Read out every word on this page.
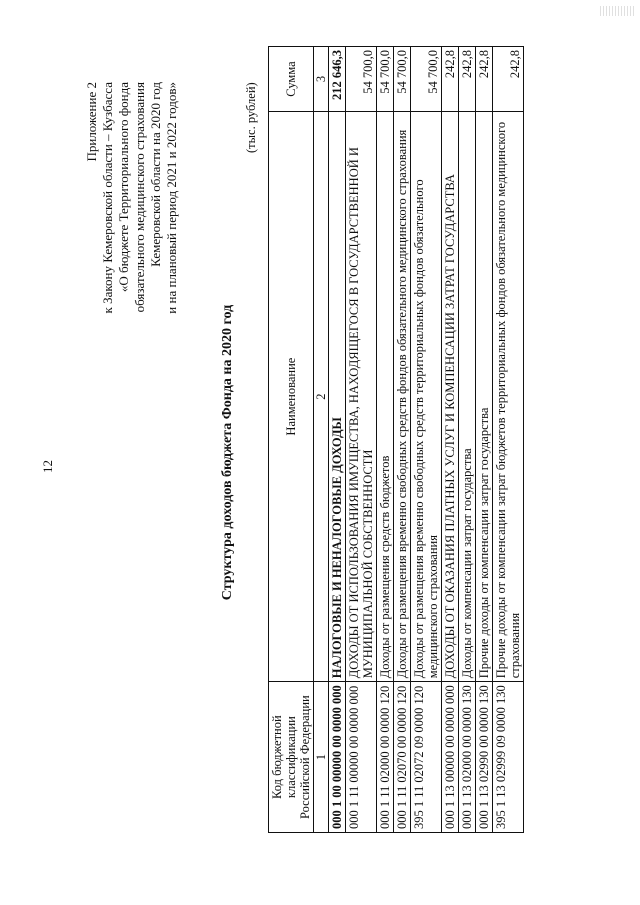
12
Приложение 2 к Закону Кемеровской области – Кузбасса «О бюджете Территориального фонда обязательного медицинского страхования Кемеровской области на 2020 год и на плановый период 2021 и 2022 годов»
Структура доходов бюджета Фонда на 2020 год
(тыс. рублей)
Код бюджетной классификации Российской Федерации	Наименование	Сумма
1	2	3
000 1 00 00000 00 0000 000	НАЛОГОВЫЕ И НЕНАЛОГОВЫЕ ДОХОДЫ	212 646,3
000 1 11 00000 00 0000 000	ДОХОДЫ ОТ ИСПОЛЬЗОВАНИЯ ИМУЩЕСТВА, НАХОДЯЩЕГОСЯ В ГОСУДАРСТВЕННОЙ И МУНИЦИПАЛЬНОЙ СОБСТВЕННОСТИ	54 700,0
000 1 11 02000 00 0000 120	Доходы от размещения средств бюджетов	54 700,0
000 1 11 02070 00 0000 120	Доходы от размещения временно свободных средств фондов обязательного медицинского страхования	54 700,0
395 1 11 02072 09 0000 120	Доходы от размещения временно свободных средств территориальных фондов обязательного медицинского страхования	54 700,0
000 1 13 00000 00 0000 000	ДОХОДЫ ОТ ОКАЗАНИЯ ПЛАТНЫХ УСЛУГ И КОМПЕНСАЦИИ ЗАТРАТ ГОСУДАРСТВА	242,8
000 1 13 02000 00 0000 130	Доходы от компенсации затрат государства	242,8
000 1 13 02990 00 0000 130	Прочие доходы от компенсации затрат государства	242,8
395 1 13 02999 09 0000 130	Прочие доходы от компенсации затрат бюджетов территориальных фондов обязательного медицинского страхования	242,8
